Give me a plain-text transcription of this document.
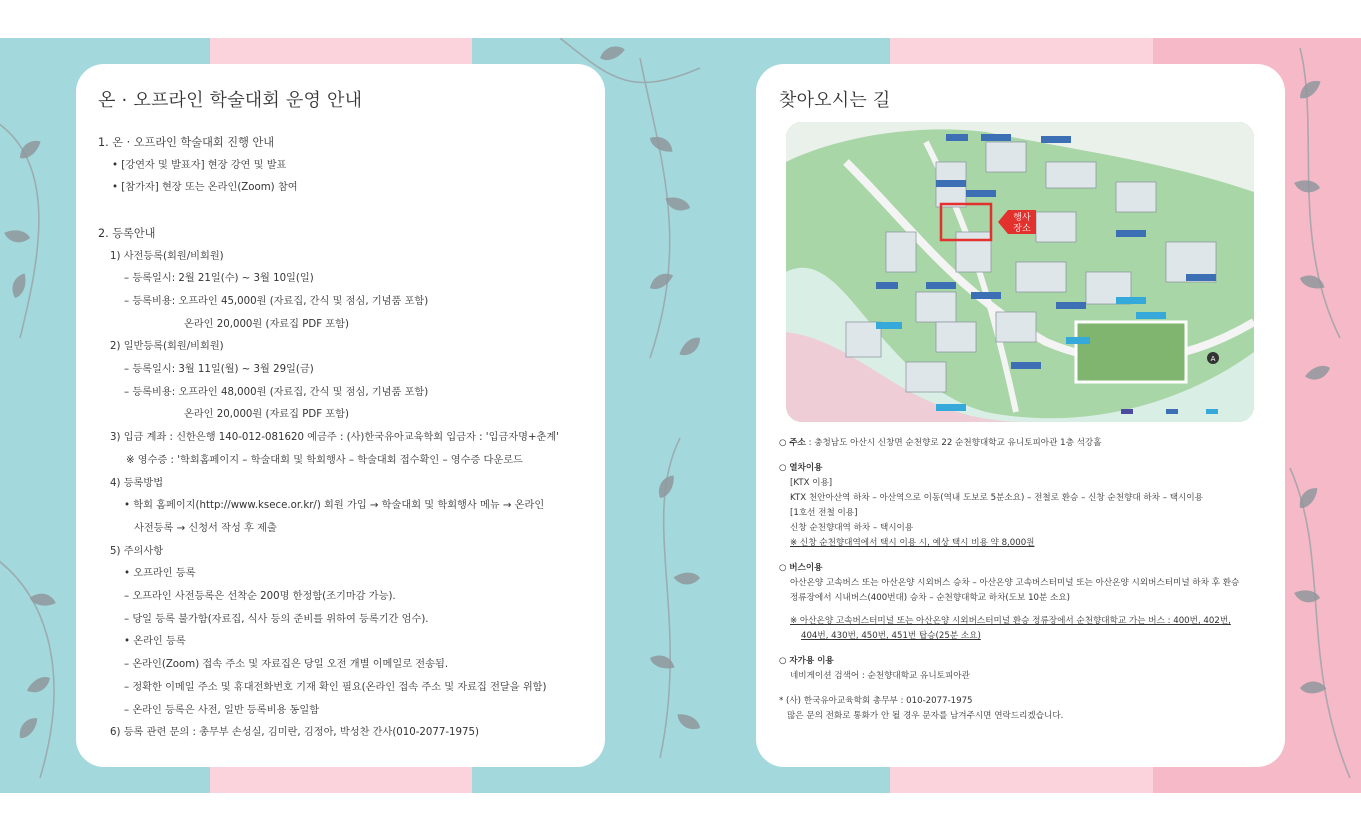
온 · 오프라인 학술대회 운영 안내
1. 온 · 오프라인 학술대회 진행 안내
• [강연자 및 발표자] 현장 강연 및 발표
• [참가자] 현장 또는 온라인(Zoom) 참여
2. 등록안내
1) 사전등록(회원/비회원)
– 등록일시: 2월 21일(수) ~ 3월 10일(일)
– 등록비용: 오프라인 45,000원 (자료집, 간식 및 점심, 기념품 포함)
온라인 20,000원 (자료집 PDF 포함)
2) 일반등록(회원/비회원)
– 등록일시: 3월 11일(월) ~ 3월 29일(금)
– 등록비용: 오프라인 48,000원 (자료집, 간식 및 점심, 기념품 포함)
온라인 20,000원 (자료집 PDF 포함)
3) 입금 계좌 : 신한은행 140-012-081620 예금주 : (사)한국유아교육학회 입금자 : '입금자명+춘계'
※ 영수증 : '학회홈페이지 – 학술대회 및 학회행사 – 학술대회 접수확인 – 영수증 다운로드
4) 등록방법
• 학회 홈페이지(http://www.ksece.or.kr/) 회원 가입 → 학술대회 및 학회행사 메뉴 → 온라인
사전등록 → 신청서 작성 후 제출
5) 주의사항
• 오프라인 등록
– 오프라인 사전등록은 선착순 200명 한정함(조기마감 가능).
– 당일 등록 불가함(자료집, 식사 등의 준비를 위하여 등록기간 엄수).
• 온라인 등록
– 온라인(Zoom) 접속 주소 및 자료집은 당일 오전 개별 이메일로 전송됨.
– 정확한 이메일 주소 및 휴대전화번호 기재 확인 필요(온라인 접속 주소 및 자료집 전달을 위함)
– 온라인 등록은 사전, 일반 등록비용 동일함
6) 등록 관련 문의 : 총무부 손성실, 김미란, 김정아, 박성찬 간사(010-2077-1975)
찾아오시는 길
행사
장소
A
○ 주소 : 충청남도 아산시 신창면 순천향로 22 순천향대학교 유니토피아관 1층 석강홀
○ 열차이용
[KTX 이용]
KTX 천안아산역 하차 – 아산역으로 이동(역내 도보로 5분소요) – 전철로 환승 – 신창 순천향대 하차 – 택시이용
[1호선 전철 이용]
신창 순천향대역 하차 – 택시이용
※ 신창 순천향대역에서 택시 이용 시, 예상 택시 비용 약 8,000원
○ 버스이용
아산온양 고속버스 또는 아산온양 시외버스 승차 – 아산온양 고속버스터미널 또는 아산온양 시외버스터미널 하차 후 환승
정류장에서 시내버스(400번대) 승차 – 순천향대학교 하차(도보 10분 소요)
※ 아산온양 고속버스터미널 또는 아산온양 시외버스터미널 환승 정류장에서 순천향대학교 가는 버스 : 400번, 402번,
404번, 430번, 450번, 451번 탑승(25분 소요)
○ 자가용 이용
네비게이션 검색어 : 순천향대학교 유니토피아관
* (사) 한국유아교육학회 총무부 : 010-2077-1975
많은 문의 전화로 통화가 안 될 경우 문자를 남겨주시면 연락드리겠습니다.
